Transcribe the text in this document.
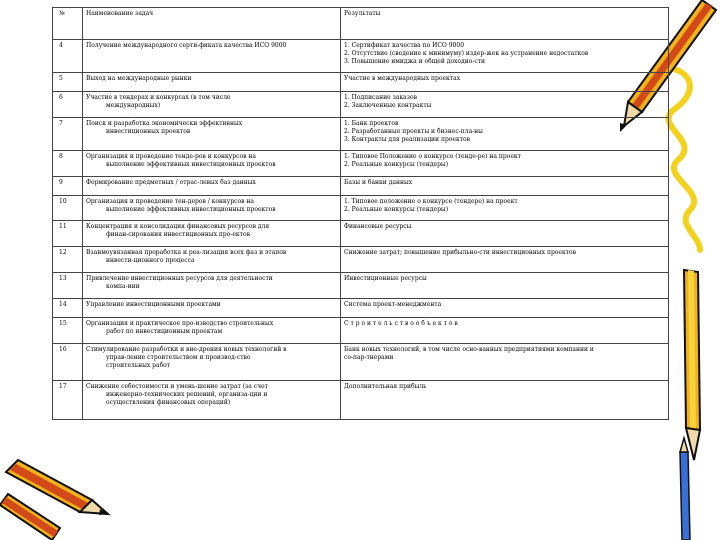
№	Наименование задач	Результаты
4	Получение международного серти-фиката качества ИСО 9000	1. Сертификат качества по ИСО 9000
2. Отсутствие (сведение к минимуму) издер-жек на устранение недостатков
3. Повышение имиджа и общей доходно-сти

5	Выход на международные рынки	Участие в международных проектах

6	Участие в тендерах и конкурсах (в том числе
международных)	1. Подписание заказов
2. Заключенные контракты

7	Поиск и разработка экономически эффективных
инвестиционных проектов	1. Банк проектов
2. Разработанные проекты и бизнес-пла-ны
3. Контракты для реализации проектов

8	Организация и проведение тенде-ров и конкурсов на
выполнение эффективных инвестиционных проектов	1. Типовое Положение о конкурсе (тенде-ре) на проект
2. Реальные конкурсы (тендеры)

9	Формирование предметных / отрас-левых баз данных	Базы и банки данных

10	Организация и проведение тен-деров / конкурсов на
выполнение эффективных инвестиционных проектов	1. Типовое положение о конкурсе (тендере) на проект
2. Реальные конкурсы (тендеры)

11	Концентрация и консолидация финансовых ресурсов для
финан-сирования инвестиционных про-ектов	Финансовые ресурсы

12	Взаимоувязанная проработка и реа-лизация всех фаз и этапов
инвести-ционного процесса	Снижение затрат; повышение прибыльно-сти инвестиционных проектов

13	Привлечение инвестиционных ресурсов для деятельности
компа-нии	Инвестиционные ресурсы

14	Управление инвестиционными проектами	Система проект-менеджмента

15	Организация и практическое про-изводство строительных
работ по инвестиционным проектам	С т р о и т е л ь с т в о о б ъ е к т о в

16	Стимулирование разработки и вне-дрения новых технологий в
управ-ление строительством и производ-ство
строительных работ	Банк новых технологий, в том числе осно-ванных предприятиями компании и
со-пар-тнерами

17	Снижение себестоимости и умень-шение затрат (за счет
инженерно-технических решений, организа-ции и
осуществления финансовых операций)	Дополнительная прибыль
